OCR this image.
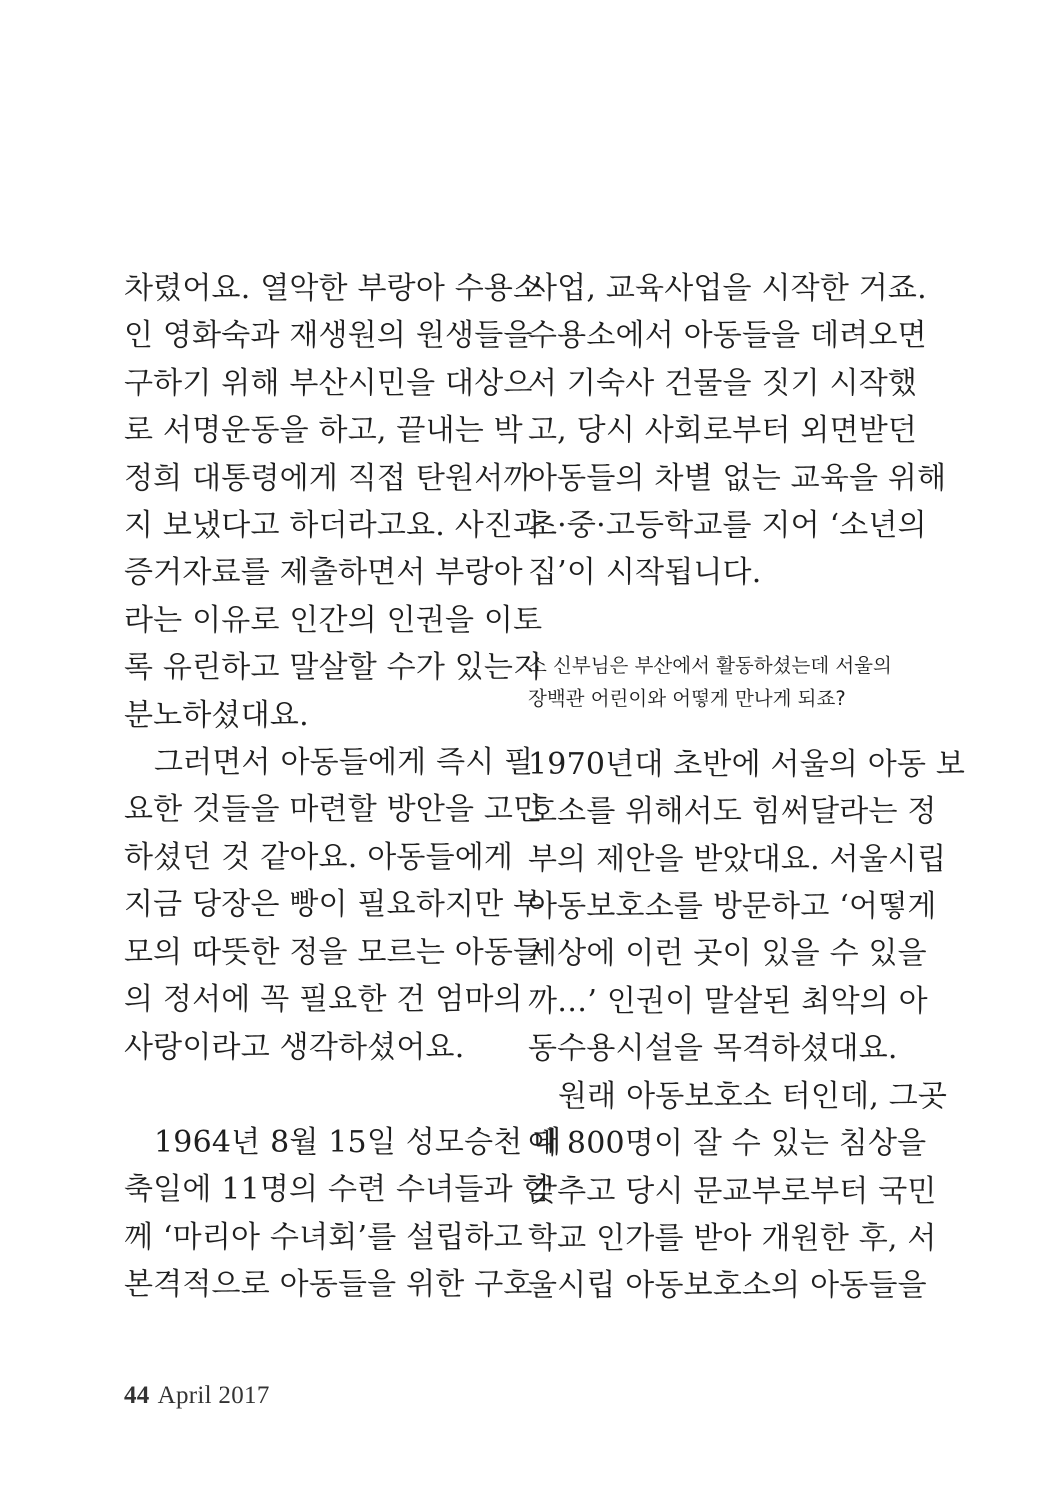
차렸어요. 열악한 부랑아 수용소
인 영화숙과 재생원의 원생들을
구하기 위해 부산시민을 대상으
로 서명운동을 하고, 끝내는 박
정희 대통령에게 직접 탄원서까
지 보냈다고 하더라고요. 사진과
증거자료를 제출하면서 부랑아
라는 이유로 인간의 인권을 이토
록 유린하고 말살할 수가 있는지
분노하셨대요.

그러면서 아동들에게 즉시 필
요한 것들을 마련할 방안을 고민
하셨던 것 같아요. 아동들에게
지금 당장은 빵이 필요하지만 부
모의 따뜻한 정을 모르는 아동들
의 정서에 꼭 필요한 건 엄마의
사랑이라고 생각하셨어요.

1964년 8월 15일 성모승천 대
축일에 11명의 수련 수녀들과 함
께 ‘마리아 수녀회’를 설립하고
본격적으로 아동들을 위한 구호

사업, 교육사업을 시작한 거죠.
수용소에서 아동들을 데려오면
서 기숙사 건물을 짓기 시작했
고, 당시 사회로부터 외면받던
아동들의 차별 없는 교육을 위해
초·중·고등학교를 지어 ‘소년의
집’이 시작됩니다.

소 신부님은 부산에서 활동하셨는데 서울의
장백관 어린이와 어떻게 만나게 되죠?

1970년대 초반에 서울의 아동 보
호소를 위해서도 힘써달라는 정
부의 제안을 받았대요. 서울시립
아동보호소를 방문하고 ‘어떻게
세상에 이런 곳이 있을 수 있을
까…’ 인권이 말살된 최악의 아
동수용시설을 목격하셨대요.

원래 아동보호소 터인데, 그곳
에 800명이 잘 수 있는 침상을
갖추고 당시 문교부로부터 국민
학교 인가를 받아 개원한 후, 서
울시립 아동보호소의 아동들을

44 April 2017
